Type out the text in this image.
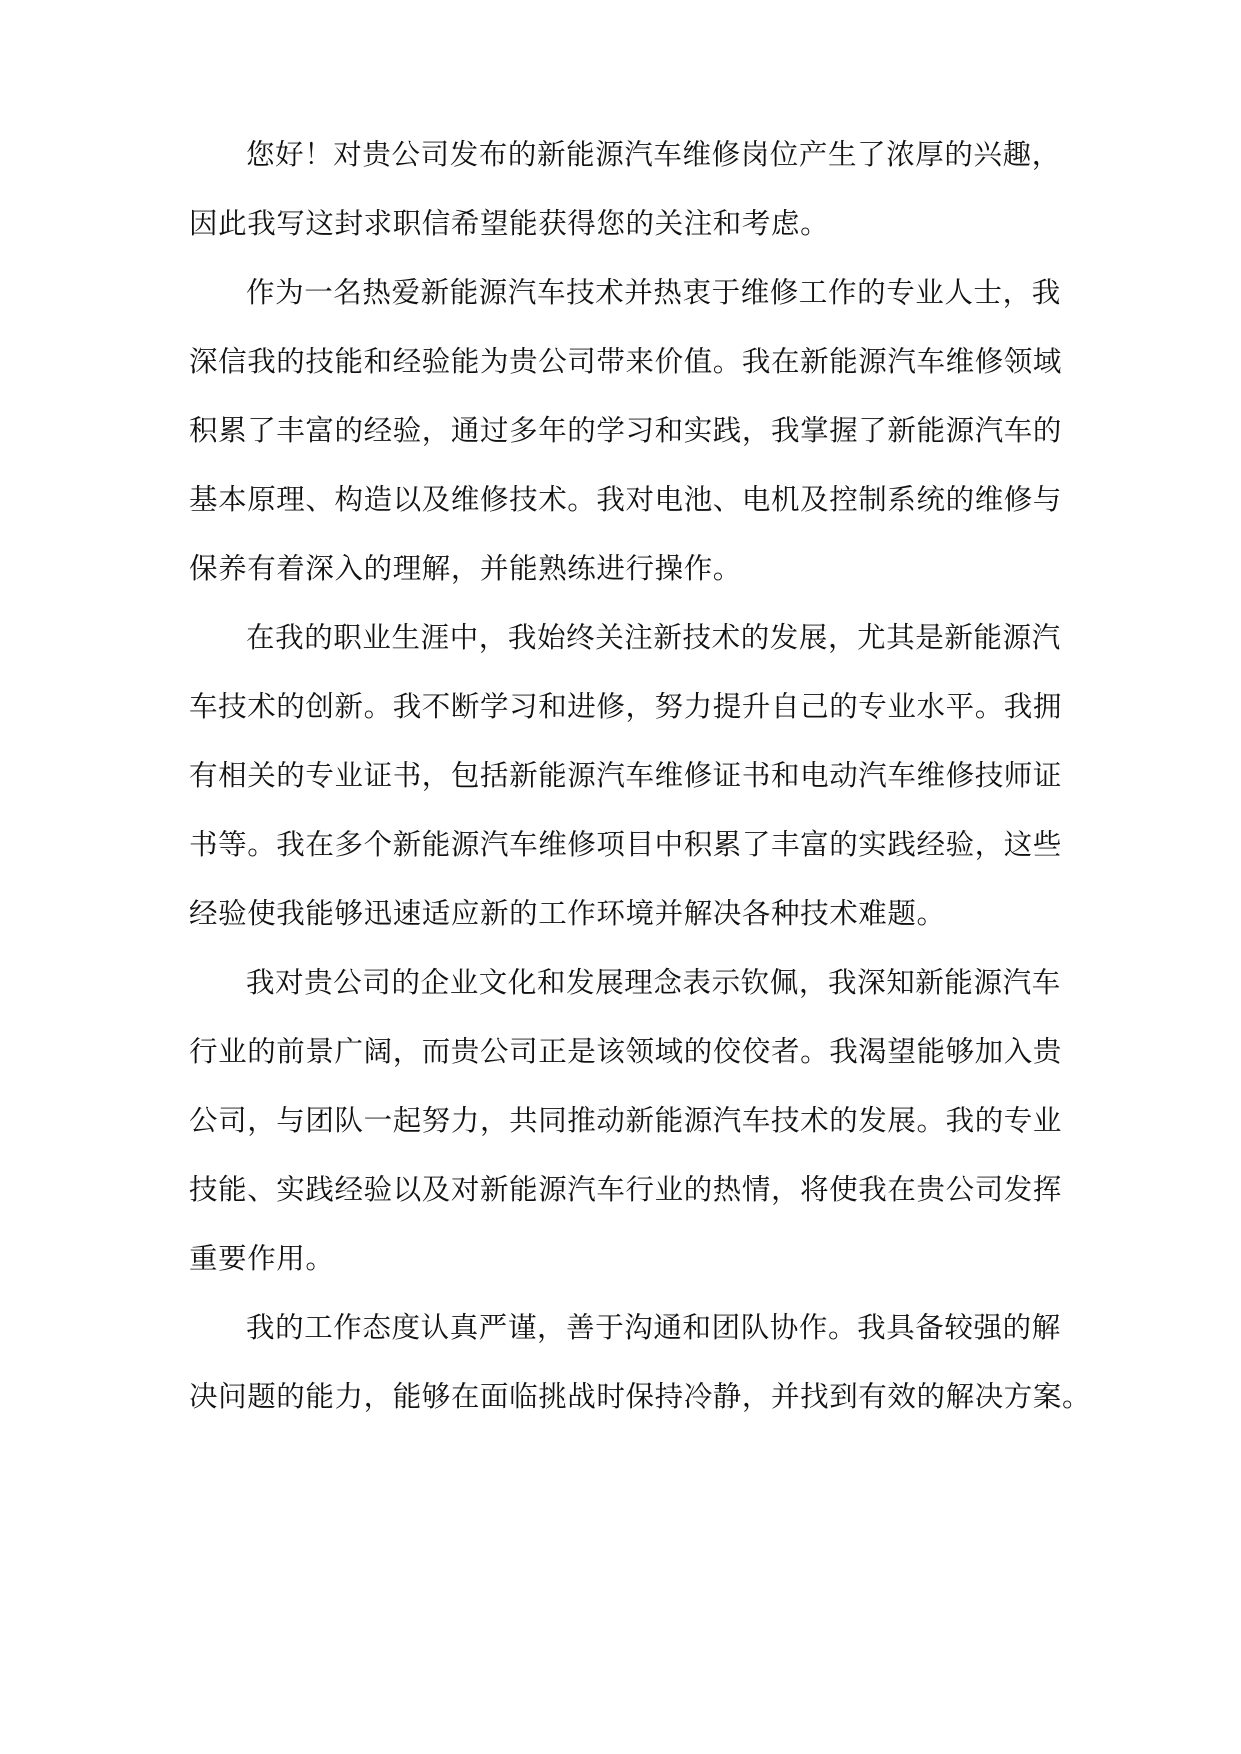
您好！对贵公司发布的新能源汽车维修岗位产生了浓厚的兴趣，
因此我写这封求职信希望能获得您的关注和考虑。
作为一名热爱新能源汽车技术并热衷于维修工作的专业人士，我
深信我的技能和经验能为贵公司带来价值。我在新能源汽车维修领域
积累了丰富的经验，通过多年的学习和实践，我掌握了新能源汽车的
基本原理、构造以及维修技术。我对电池、电机及控制系统的维修与
保养有着深入的理解，并能熟练进行操作。
在我的职业生涯中，我始终关注新技术的发展，尤其是新能源汽
车技术的创新。我不断学习和进修，努力提升自己的专业水平。我拥
有相关的专业证书，包括新能源汽车维修证书和电动汽车维修技师证
书等。我在多个新能源汽车维修项目中积累了丰富的实践经验，这些
经验使我能够迅速适应新的工作环境并解决各种技术难题。
我对贵公司的企业文化和发展理念表示钦佩，我深知新能源汽车
行业的前景广阔，而贵公司正是该领域的佼佼者。我渴望能够加入贵
公司，与团队一起努力，共同推动新能源汽车技术的发展。我的专业
技能、实践经验以及对新能源汽车行业的热情，将使我在贵公司发挥
重要作用。
我的工作态度认真严谨，善于沟通和团队协作。我具备较强的解
决问题的能力，能够在面临挑战时保持冷静，并找到有效的解决方案。
